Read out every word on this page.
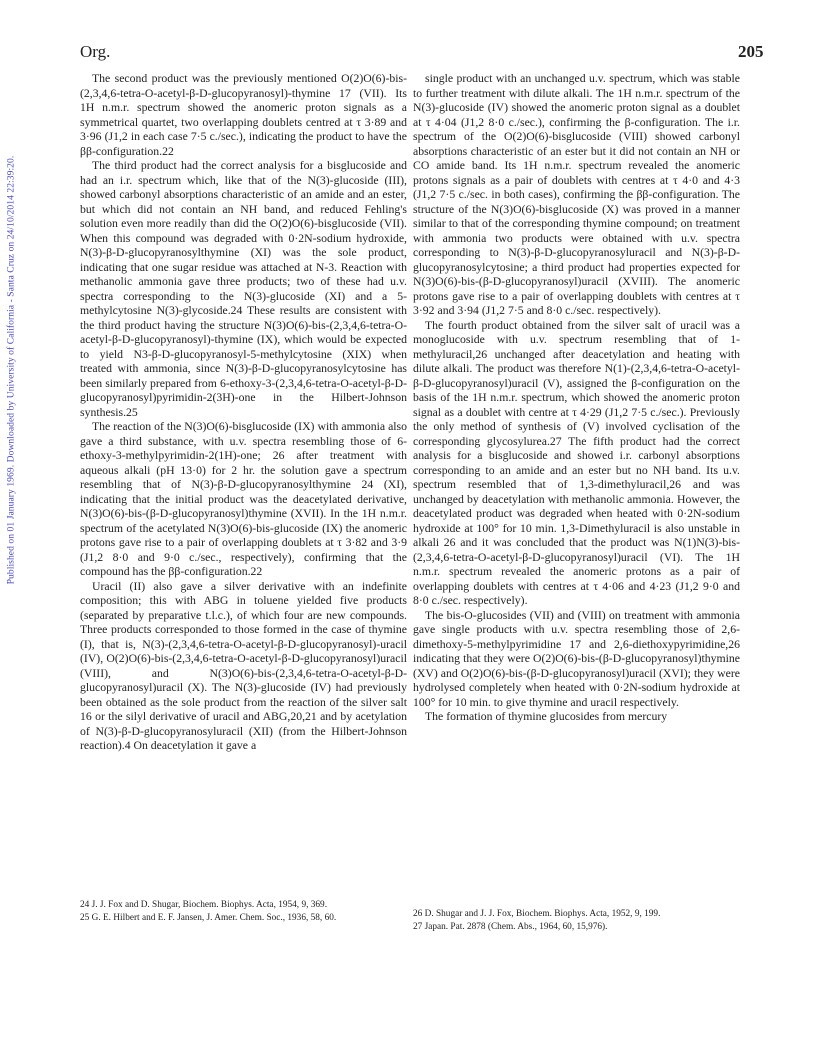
Published on 01 January 1969. Downloaded by University of California - Santa Cruz on 24/10/2014 22:39:20.
Org.	205

The second product was the previously mentioned O(2)O(6)-bis-(2,3,4,6-tetra-O-acetyl-β-D-glucopyranosyl)-thymine 17 (VII). Its 1H n.m.r. spectrum showed the anomeric proton signals as a symmetrical quartet, two overlapping doublets centred at τ 3·89 and 3·96 (J1,2 in each case 7·5 c./sec.), indicating the product to have the ββ-configuration.22

The third product had the correct analysis for a bisglucoside and had an i.r. spectrum which, like that of the N(3)-glucoside (III), showed carbonyl absorptions characteristic of an amide and an ester, but which did not contain an NH band, and reduced Fehling's solution even more readily than did the O(2)O(6)-bisglucoside (VII). When this compound was degraded with 0·2N-sodium hydroxide, N(3)-β-D-glucopyranosylthymine (XI) was the sole product, indicating that one sugar residue was attached at N-3. Reaction with methanolic ammonia gave three products; two of these had u.v. spectra corresponding to the N(3)-glucoside (XI) and a 5-methylcytosine N(3)-glycoside.24 These results are consistent with the third product having the structure N(3)O(6)-bis-(2,3,4,6-tetra-O-acetyl-β-D-glucopyranosyl)-thymine (IX), which would be expected to yield N3-β-D-glucopyranosyl-5-methylcytosine (XIX) when treated with ammonia, since N(3)-β-D-glucopyranosylcytosine has been similarly prepared from 6-ethoxy-3-(2,3,4,6-tetra-O-acetyl-β-D-glucopyranosyl)pyrimidin-2(3H)-one in the Hilbert-Johnson synthesis.25

The reaction of the N(3)O(6)-bisglucoside (IX) with ammonia also gave a third substance, with u.v. spectra resembling those of 6-ethoxy-3-methylpyrimidin-2(1H)-one; 26 after treatment with aqueous alkali (pH 13·0) for 2 hr. the solution gave a spectrum resembling that of N(3)-β-D-glucopyranosylthymine 24 (XI), indicating that the initial product was the deacetylated derivative, N(3)O(6)-bis-(β-D-glucopyranosyl)thymine (XVII). In the 1H n.m.r. spectrum of the acetylated N(3)O(6)-bis-glucoside (IX) the anomeric protons gave rise to a pair of overlapping doublets at τ 3·82 and 3·9 (J1,2 8·0 and 9·0 c./sec., respectively), confirming that the compound has the ββ-configuration.22

Uracil (II) also gave a silver derivative with an indefinite composition; this with ABG in toluene yielded five products (separated by preparative t.l.c.), of which four are new compounds. Three products corresponded to those formed in the case of thymine (I), that is, N(3)-(2,3,4,6-tetra-O-acetyl-β-D-glucopyranosyl)-uracil (IV), O(2)O(6)-bis-(2,3,4,6-tetra-O-acetyl-β-D-glucopyranosyl)uracil (VIII), and N(3)O(6)-bis-(2,3,4,6-tetra-O-acetyl-β-D-glucopyranosyl)uracil (X). The N(3)-glucoside (IV) had previously been obtained as the sole product from the reaction of the silver salt 16 or the silyl derivative of uracil and ABG,20,21 and by acetylation of N(3)-β-D-glucopyranosyluracil (XII) (from the Hilbert-Johnson reaction).4 On deacetylation it gave a

single product with an unchanged u.v. spectrum, which was stable to further treatment with dilute alkali. The 1H n.m.r. spectrum of the N(3)-glucoside (IV) showed the anomeric proton signal as a doublet at τ 4·04 (J1,2 8·0 c./sec.), confirming the β-configuration. The i.r. spectrum of the O(2)O(6)-bisglucoside (VIII) showed carbonyl absorptions characteristic of an ester but it did not contain an NH or CO amide band. Its 1H n.m.r. spectrum revealed the anomeric protons signals as a pair of doublets with centres at τ 4·0 and 4·3 (J1,2 7·5 c./sec. in both cases), confirming the ββ-configuration. The structure of the N(3)O(6)-bisglucoside (X) was proved in a manner similar to that of the corresponding thymine compound; on treatment with ammonia two products were obtained with u.v. spectra corresponding to N(3)-β-D-glucopyranosyluracil and N(3)-β-D-glucopyranosylcytosine; a third product had properties expected for N(3)O(6)-bis-(β-D-glucopyranosyl)uracil (XVIII). The anomeric protons gave rise to a pair of overlapping doublets with centres at τ 3·92 and 3·94 (J1,2 7·5 and 8·0 c./sec. respectively).

The fourth product obtained from the silver salt of uracil was a monoglucoside with u.v. spectrum resembling that of 1-methyluracil,26 unchanged after deacetylation and heating with dilute alkali. The product was therefore N(1)-(2,3,4,6-tetra-O-acetyl-β-D-glucopyranosyl)uracil (V), assigned the β-configuration on the basis of the 1H n.m.r. spectrum, which showed the anomeric proton signal as a doublet with centre at τ 4·29 (J1,2 7·5 c./sec.). Previously the only method of synthesis of (V) involved cyclisation of the corresponding glycosylurea.27 The fifth product had the correct analysis for a bisglucoside and showed i.r. carbonyl absorptions corresponding to an amide and an ester but no NH band. Its u.v. spectrum resembled that of 1,3-dimethyluracil,26 and was unchanged by deacetylation with methanolic ammonia. However, the deacetylated product was degraded when heated with 0·2N-sodium hydroxide at 100° for 10 min. 1,3-Dimethyluracil is also unstable in alkali 26 and it was concluded that the product was N(1)N(3)-bis-(2,3,4,6-tetra-O-acetyl-β-D-glucopyranosyl)uracil (VI). The 1H n.m.r. spectrum revealed the anomeric protons as a pair of overlapping doublets with centres at τ 4·06 and 4·23 (J1,2 9·0 and 8·0 c./sec. respectively).

The bis-O-glucosides (VII) and (VIII) on treatment with ammonia gave single products with u.v. spectra resembling those of 2,6-dimethoxy-5-methylpyrimidine 17 and 2,6-diethoxypyrimidine,26 indicating that they were O(2)O(6)-bis-(β-D-glucopyranosyl)thymine (XV) and O(2)O(6)-bis-(β-D-glucopyranosyl)uracil (XVI); they were hydrolysed completely when heated with 0·2N-sodium hydroxide at 100° for 10 min. to give thymine and uracil respectively.

The formation of thymine glucosides from mercury

24 J. J. Fox and D. Shugar, Biochem. Biophys. Acta, 1954, 9, 369.

25 G. E. Hilbert and E. F. Jansen, J. Amer. Chem. Soc., 1936, 58, 60.	26 D. Shugar and J. J. Fox, Biochem. Biophys. Acta, 1952, 9, 199.

27 Japan. Pat. 2878 (Chem. Abs., 1964, 60, 15,976).
